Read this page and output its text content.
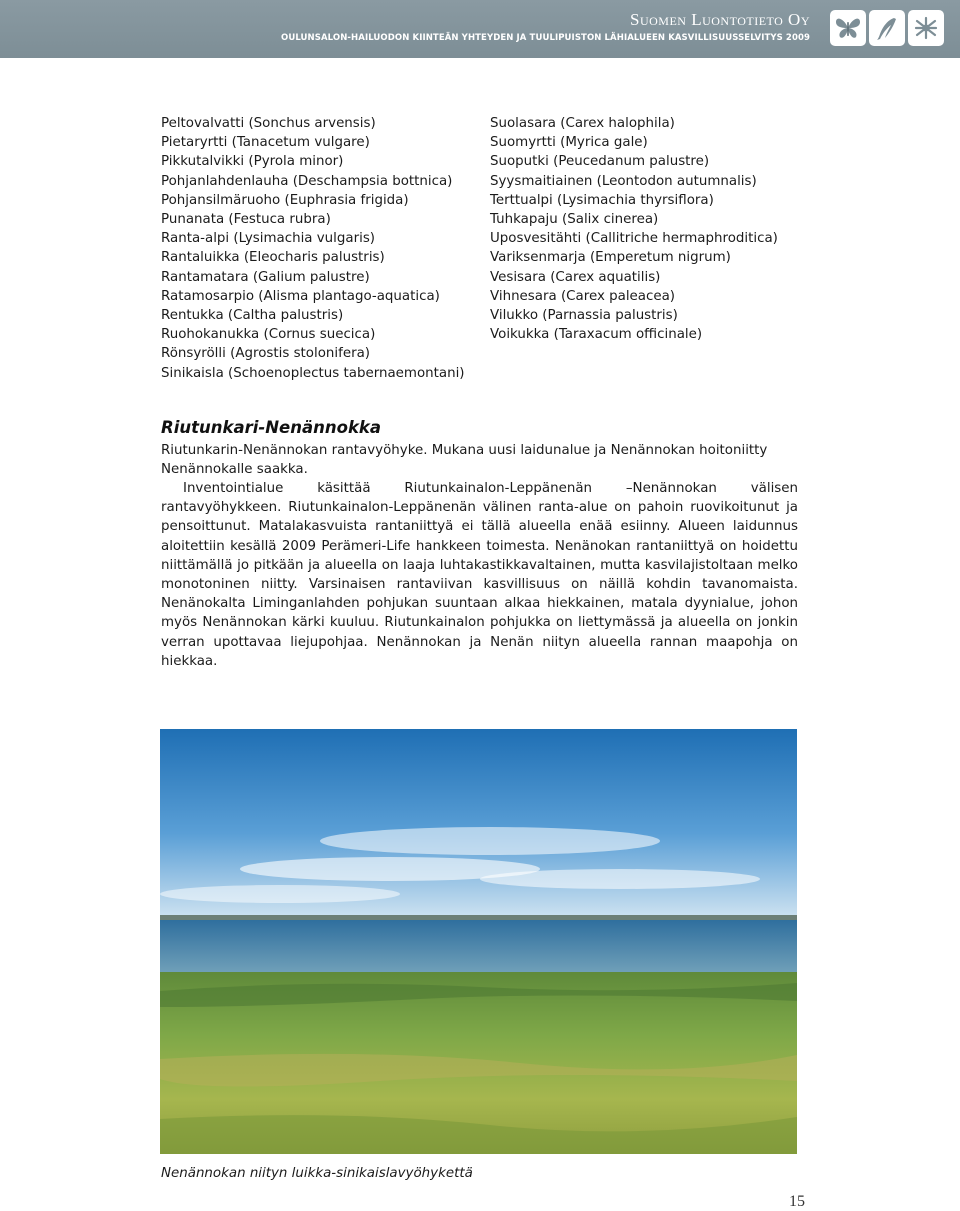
Suomen Luontotieto Oy
OULUNSALON-HAILUODON KIINTEÄN YHTEYDEN JA TUULIPUISTON LÄHIALUEEN KASVILLISUUSSELVITYS 2009
Peltovalvatti (Sonchus arvensis)
Pietaryrtti (Tanacetum vulgare)
Pikkutalvikki (Pyrola minor)
Pohjanlahdenlauha (Deschampsia bottnica)
Pohjansilmäruoho (Euphrasia frigida)
Punanata (Festuca rubra)
Ranta-alpi (Lysimachia vulgaris)
Rantaluikka (Eleocharis palustris)
Rantamatara (Galium palustre)
Ratamosarpio (Alisma plantago-aquatica)
Rentukka (Caltha palustris)
Ruohokanukka (Cornus suecica)
Rönsyrölli (Agrostis stolonifera)
Sinikaisla (Schoenoplectus tabernaemontani)
Suolasara (Carex halophila)
Suomyrtti (Myrica gale)
Suoputki (Peucedanum palustre)
Syysmaitiainen (Leontodon autumnalis)
Terttualpi (Lysimachia thyrsiflora)
Tuhkapaju (Salix cinerea)
Uposvesitähti (Callitriche hermaphroditica)
Variksenmarja (Emperetum nigrum)
Vesisara (Carex aquatilis)
Vihnesara (Carex paleacea)
Vilukko (Parnassia palustris)
Voikukka (Taraxacum officinale)
Riutunkari-Nenännokka
Riutunkarin-Nenännokan rantavyöhyke. Mukana uusi laidunalue ja Nenännokan hoitoniitty Nenännokalle saakka.

Inventointialue käsittää Riutunkainalon-Leppänenän –Nenännokan välisen rantavyöhykkeen. Riutunkainalon-Leppänenän välinen ranta-alue on pahoin ruovikoitunut ja pensoittunut. Matalakasvuista rantaniittyä ei tällä alueella enää esiinny. Alueen laidunnus aloitettiin kesällä 2009 Perämeri-Life hankkeen toimesta. Nenänokan rantaniittyä on hoidettu niittämällä jo pitkään ja alueella on laaja luhtakastikkavaltainen, mutta kasvilajistoltaan melko monotoninen niitty. Varsinaisen rantaviivan kasvillisuus on näillä kohdin tavanomaista. Nenänokalta Liminganlahden pohjukan suuntaan alkaa hiekkainen, matala dyynialue, johon myös Nenännokan kärki kuuluu. Riutunkainalon pohjukka on liettymässä ja alueella on jonkin verran upottavaa liejupohjaa. Nenännokan ja Nenän niityn alueella rannan maapohja on hiekkaa.

Nenännokan niityn luikka-sinikaislavyöhykettä
15
